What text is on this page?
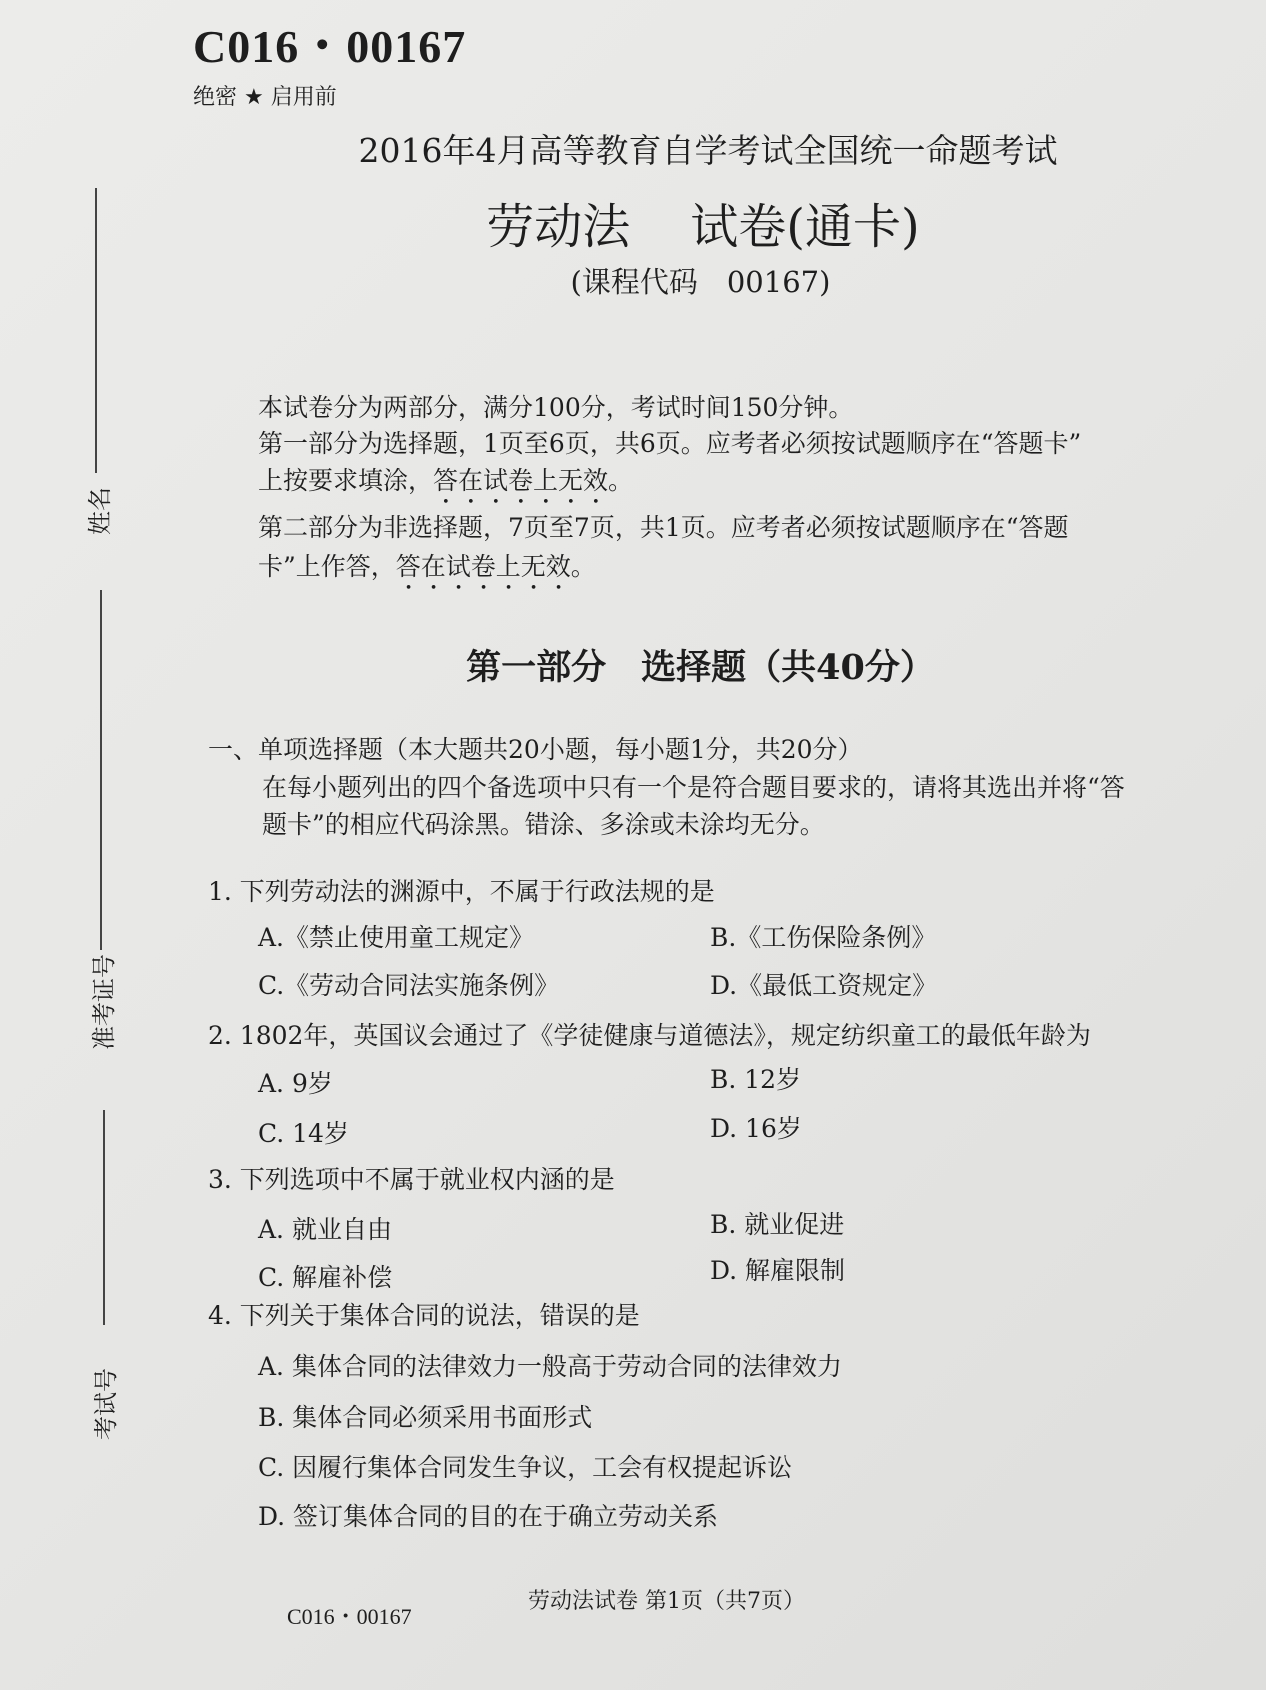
C016・00167
绝密 ★ 启用前
2016年4月高等教育自学考试全国统一命题考试
劳动法 试卷(通卡)
(课程代码　00167)
姓名
准考证号
考试号
本试卷分为两部分，满分100分，考试时间150分钟。
第一部分为选择题，1页至6页，共6页。应考者必须按试题顺序在“答题卡”
上按要求填涂，答在试卷上无效。
第二部分为非选择题，7页至7页，共1页。应考者必须按试题顺序在“答题
卡”上作答，答在试卷上无效。
第一部分　选择题（共40分）
一、单项选择题（本大题共20小题，每小题1分，共20分）
在每小题列出的四个备选项中只有一个是符合题目要求的，请将其选出并将“答
题卡”的相应代码涂黑。错涂、多涂或未涂均无分。
1. 下列劳动法的渊源中，不属于行政法规的是
A.《禁止使用童工规定》	B.《工伤保险条例》
C.《劳动合同法实施条例》	D.《最低工资规定》
2. 1802年，英国议会通过了《学徒健康与道德法》，规定纺织童工的最低年龄为
A. 9岁	B. 12岁
C. 14岁	D. 16岁
3. 下列选项中不属于就业权内涵的是
A. 就业自由	B. 就业促进
C. 解雇补偿	D. 解雇限制
4. 下列关于集体合同的说法，错误的是
A. 集体合同的法律效力一般高于劳动合同的法律效力
B. 集体合同必须采用书面形式
C. 因履行集体合同发生争议，工会有权提起诉讼
D. 签订集体合同的目的在于确立劳动关系
C016・00167
劳动法试卷 第1页（共7页）
